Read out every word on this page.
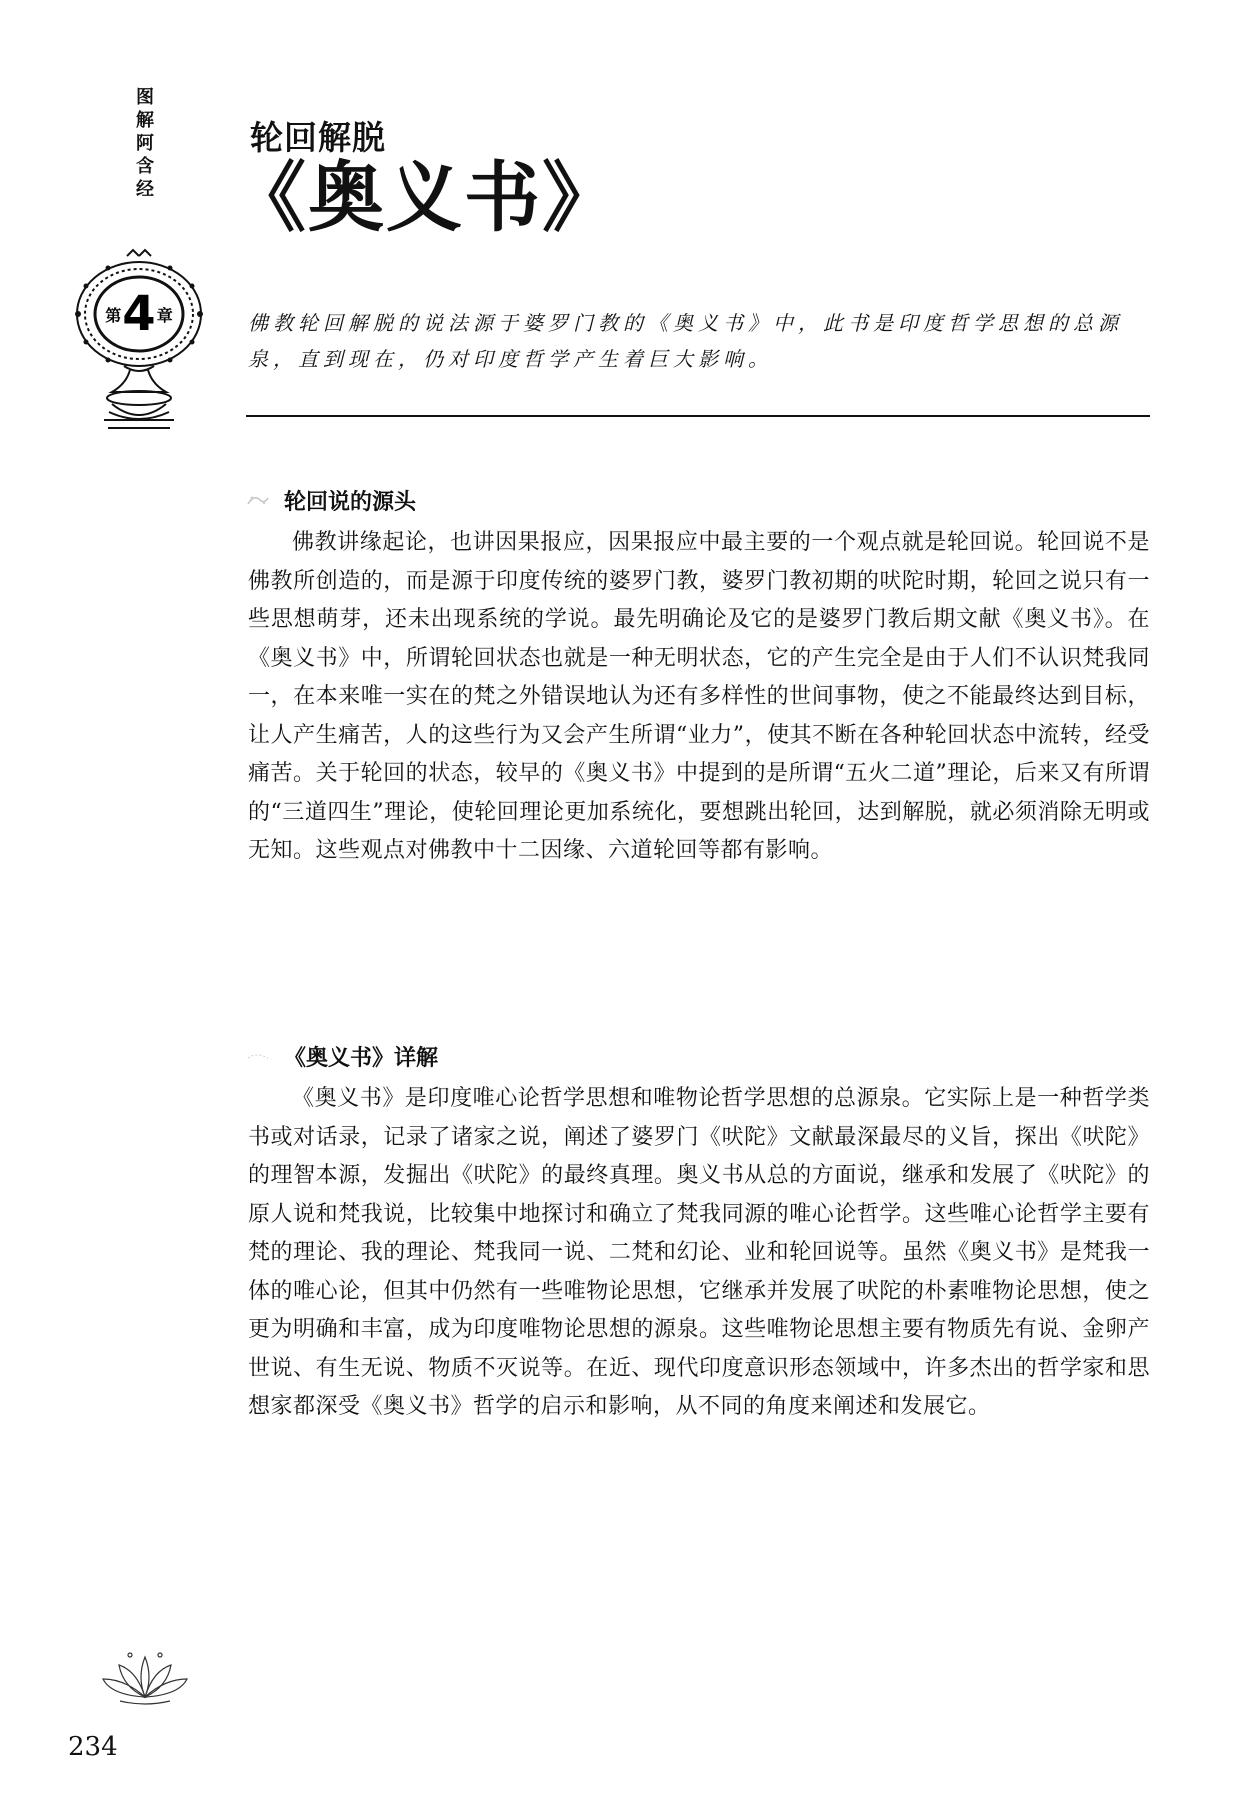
图
解
阿
含
经
第 4 章
轮回解脱
《奥义书》

佛教轮回解脱的说法源于婆罗门教的《奥义书》中，此书是印度哲学思想的总源泉，直到现在，仍对印度哲学产生着巨大影响。

轮回说的源头

佛教讲缘起论，也讲因果报应，因果报应中最主要的一个观点就是轮回说。轮回说不是佛教所创造的，而是源于印度传统的婆罗门教，婆罗门教初期的吠陀时期，轮回之说只有一些思想萌芽，还未出现系统的学说。最先明确论及它的是婆罗门教后期文献《奥义书》。在《奥义书》中，所谓轮回状态也就是一种无明状态，它的产生完全是由于人们不认识梵我同一，在本来唯一实在的梵之外错误地认为还有多样性的世间事物，使之不能最终达到目标，让人产生痛苦，人的这些行为又会产生所谓“业力”，使其不断在各种轮回状态中流转，经受痛苦。关于轮回的状态，较早的《奥义书》中提到的是所谓“五火二道”理论，后来又有所谓的“三道四生”理论，使轮回理论更加系统化，要想跳出轮回，达到解脱，就必须消除无明或无知。这些观点对佛教中十二因缘、六道轮回等都有影响。

《奥义书》详解

《奥义书》是印度唯心论哲学思想和唯物论哲学思想的总源泉。它实际上是一种哲学类书或对话录，记录了诸家之说，阐述了婆罗门《吠陀》文献最深最尽的义旨，探出《吠陀》的理智本源，发掘出《吠陀》的最终真理。奥义书从总的方面说，继承和发展了《吠陀》的原人说和梵我说，比较集中地探讨和确立了梵我同源的唯心论哲学。这些唯心论哲学主要有梵的理论、我的理论、梵我同一说、二梵和幻论、业和轮回说等。虽然《奥义书》是梵我一体的唯心论，但其中仍然有一些唯物论思想，它继承并发展了吠陀的朴素唯物论思想，使之更为明确和丰富，成为印度唯物论思想的源泉。这些唯物论思想主要有物质先有说、金卵产世说、有生无说、物质不灭说等。在近、现代印度意识形态领域中，许多杰出的哲学家和思想家都深受《奥义书》哲学的启示和影响，从不同的角度来阐述和发展它。

234
